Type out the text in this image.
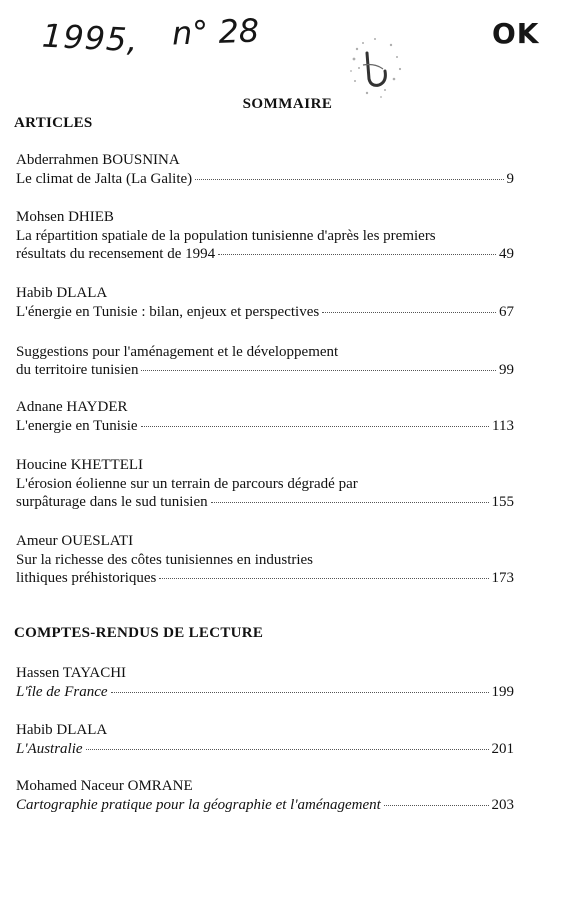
1995, n° 28	OK
SOMMAIRE
ARTICLES
Abderrahmen BOUSNINA
Le climat de Jalta (La Galite)	9
Mohsen DHIEB
La répartition spatiale de la population tunisienne d'après les premiers
résultats du recensement de 1994	49
Habib DLALA
L'énergie en Tunisie : bilan, enjeux et perspectives	67
Suggestions pour l'aménagement et le développement
du territoire tunisien	99
Adnane HAYDER
L'energie en Tunisie	113
Houcine KHETTELI
L'érosion éolienne sur un terrain de parcours dégradé par
surpâturage dans le sud tunisien	155
Ameur OUESLATI
Sur la richesse des côtes tunisiennes en industries
lithiques préhistoriques	173
COMPTES-RENDUS DE LECTURE
Hassen TAYACHI
L'île de France	199
Habib DLALA
L'Australie	201
Mohamed Naceur OMRANE
Cartographie pratique pour la géographie et l'aménagement	203
